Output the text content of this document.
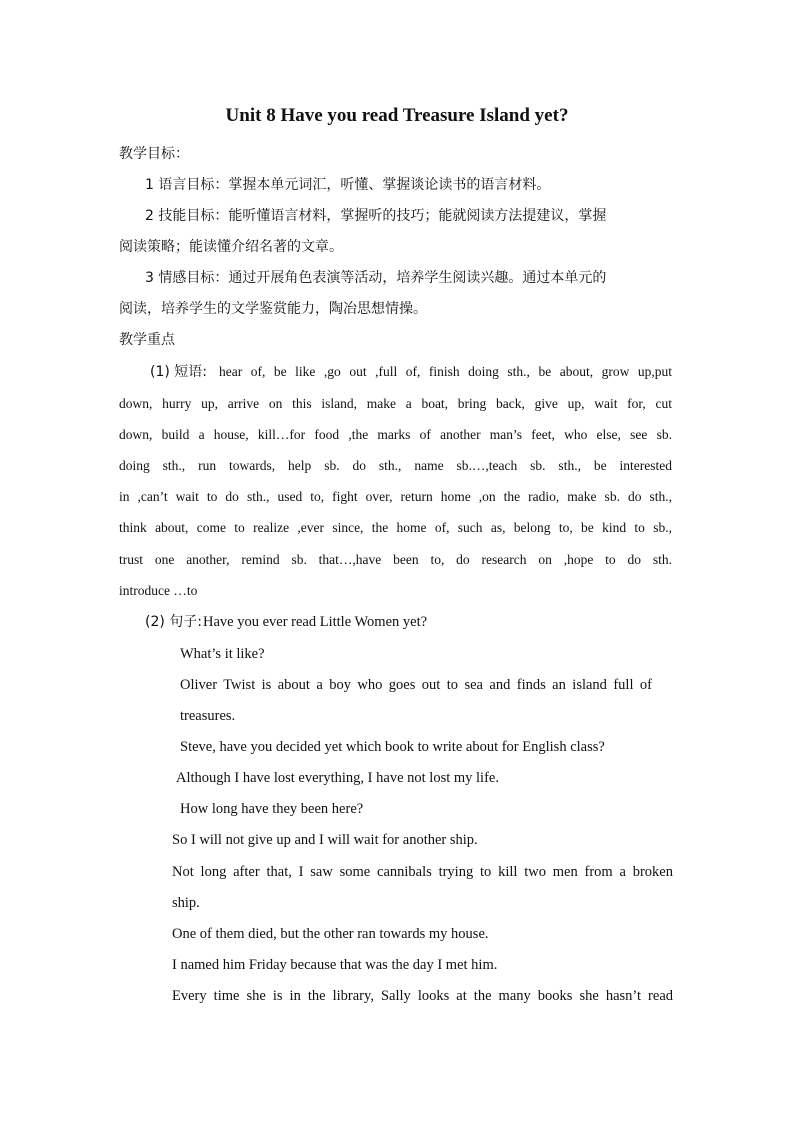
Unit 8 Have you read Treasure Island yet?
教学目标：
1 语言目标：掌握本单元词汇，听懂、掌握谈论读书的语言材料。
2 技能目标：能听懂语言材料，掌握听的技巧；能就阅读方法提建议，掌握
阅读策略；能读懂介绍名著的文章。
3 情感目标：通过开展角色表演等活动，培养学生阅读兴趣。通过本单元的
阅读，培养学生的文学鉴赏能力，陶冶思想情操。
教学重点
(1) 短语: hear of, be like ,go out ,full of, finish doing sth., be about, grow up,put
down, hurry up, arrive on this island, make a boat, bring back, give up, wait for, cut
down, build a house, kill…for food ,the marks of another man’s feet, who else, see sb.
doing sth., run towards, help sb. do sth., name sb.…,teach sb. sth., be interested
in ,can’t wait to do sth., used to, fight over, return home ,on the radio, make sb. do sth.,
think about, come to realize ,ever since, the home of, such as, belong to, be kind to sb.,
trust one another, remind sb. that…,have been to, do research on ,hope to do sth.
introduce …to
(2) 句子: Have you ever read Little Women yet?
What’s it like?
Oliver Twist is about a boy who goes out to sea and finds an island full of
treasures.
Steve, have you decided yet which book to write about for English class?
Although I have lost everything, I have not lost my life.
How long have they been here?
So I will not give up and I will wait for another ship.
Not long after that, I saw some cannibals trying to kill two men from a broken
ship.
One of them died, but the other ran towards my house.
I named him Friday because that was the day I met him.
Every time she is in the library, Sally looks at the many books she hasn’t read
